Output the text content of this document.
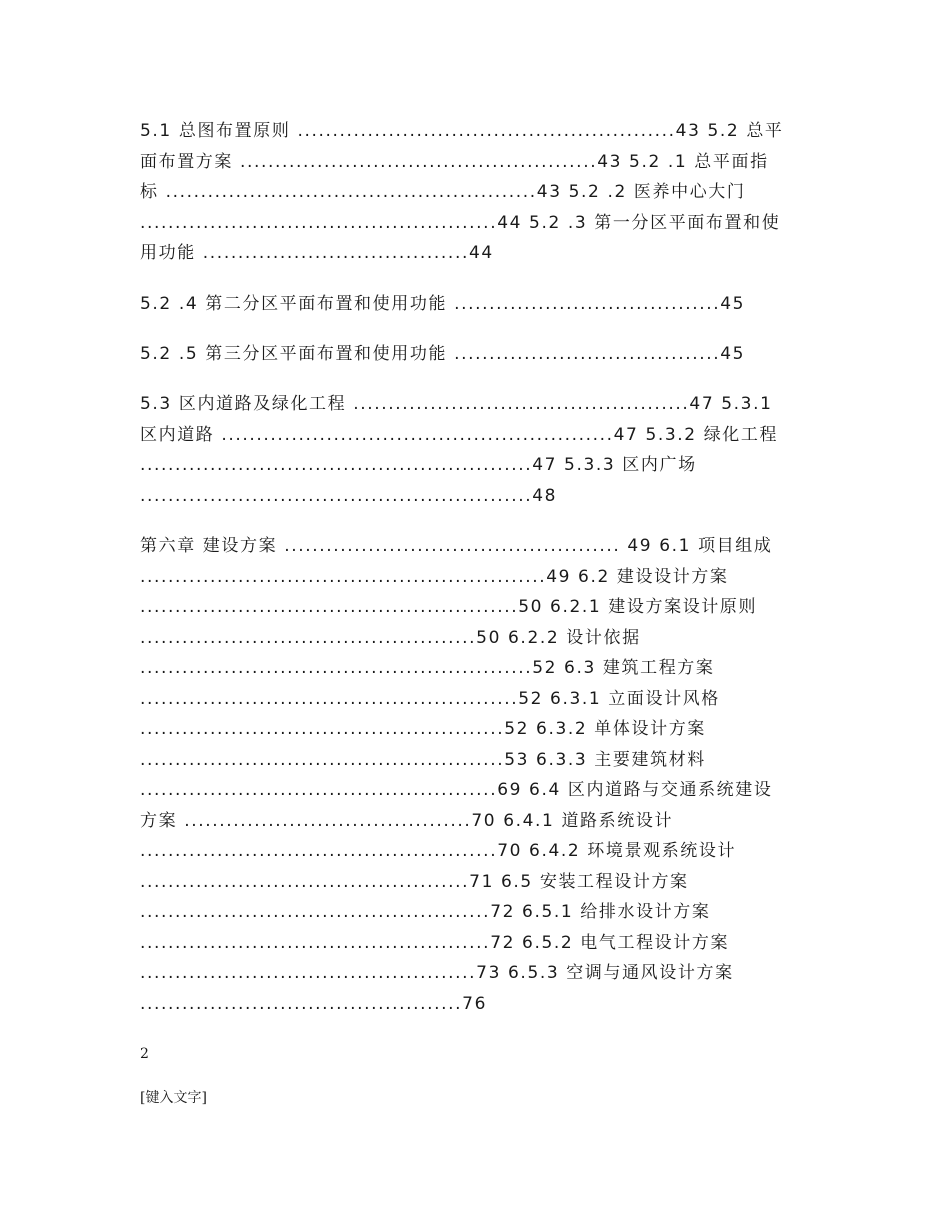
5.1 总图布置原则 ......................................................43 5.2 总平
面布置方案 ...................................................43 5.2 .1 总平面指
标 .....................................................43 5.2 .2 医养中心大门
...................................................44 5.2 .3 第一分区平面布置和使
用功能 ......................................44
5.2 .4 第二分区平面布置和使用功能 ......................................45
5.2 .5 第三分区平面布置和使用功能 ......................................45
5.3 区内道路及绿化工程 ................................................47 5.3.1
区内道路 ........................................................47 5.3.2 绿化工程
........................................................47 5.3.3 区内广场
........................................................48
第六章 建设方案 ................................................ 49 6.1 项目组成
..........................................................49 6.2 建设设计方案
......................................................50 6.2.1 建设方案设计原则
................................................50 6.2.2 设计依据
........................................................52 6.3 建筑工程方案
......................................................52 6.3.1 立面设计风格
....................................................52 6.3.2 单体设计方案
....................................................53 6.3.3 主要建筑材料
...................................................69 6.4 区内道路与交通系统建设
方案 .........................................70 6.4.1 道路系统设计
...................................................70 6.4.2 环境景观系统设计
...............................................71 6.5 安装工程设计方案
..................................................72 6.5.1 给排水设计方案
..................................................72 6.5.2 电气工程设计方案
................................................73 6.5.3 空调与通风设计方案
..............................................76
2
[键入文字]
